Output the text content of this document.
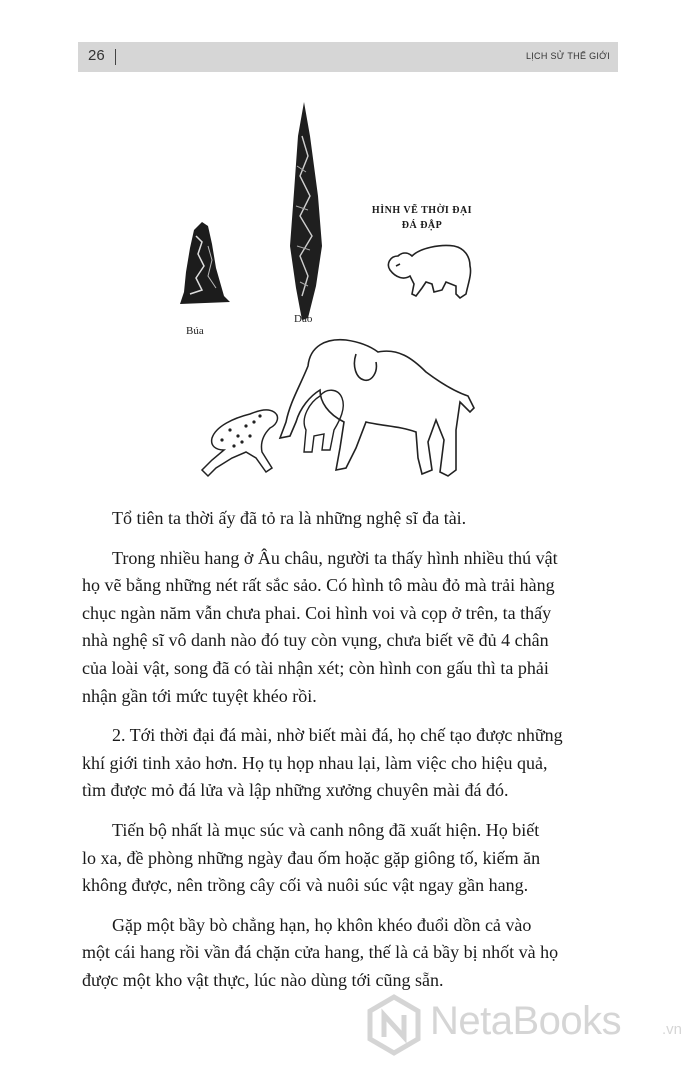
26	LỊCH SỬ THẾ GIỚI
Búa
Dao
HÌNH VẼ THỜI ĐẠI
ĐÁ ĐẬP

Tổ tiên ta thời ấy đã tỏ ra là những nghệ sĩ đa tài.

Trong nhiều hang ở Âu châu, người ta thấy hình nhiều thú vật
họ vẽ bằng những nét rất sắc sảo. Có hình tô màu đỏ mà trải hàng
chục ngàn năm vẫn chưa phai. Coi hình voi và cọp ở trên, ta thấy
nhà nghệ sĩ vô danh nào đó tuy còn vụng, chưa biết vẽ đủ 4 chân
của loài vật, song đã có tài nhận xét; còn hình con gấu thì ta phải
nhận gần tới mức tuyệt khéo rồi.

2. Tới thời đại đá mài, nhờ biết mài đá, họ chế tạo được những
khí giới tinh xảo hơn. Họ tụ họp nhau lại, làm việc cho hiệu quả,
tìm được mỏ đá lửa và lập những xưởng chuyên mài đá đó.

Tiến bộ nhất là mục súc và canh nông đã xuất hiện. Họ biết
lo xa, đề phòng những ngày đau ốm hoặc gặp giông tố, kiếm ăn
không được, nên trồng cây cối và nuôi súc vật ngay gần hang.

Gặp một bầy bò chẳng hạn, họ khôn khéo đuổi dồn cả vào
một cái hang rồi vần đá chặn cửa hang, thế là cả bầy bị nhốt và họ
được một kho vật thực, lúc nào dùng tới cũng sẵn.

NetaBooks	.vn
